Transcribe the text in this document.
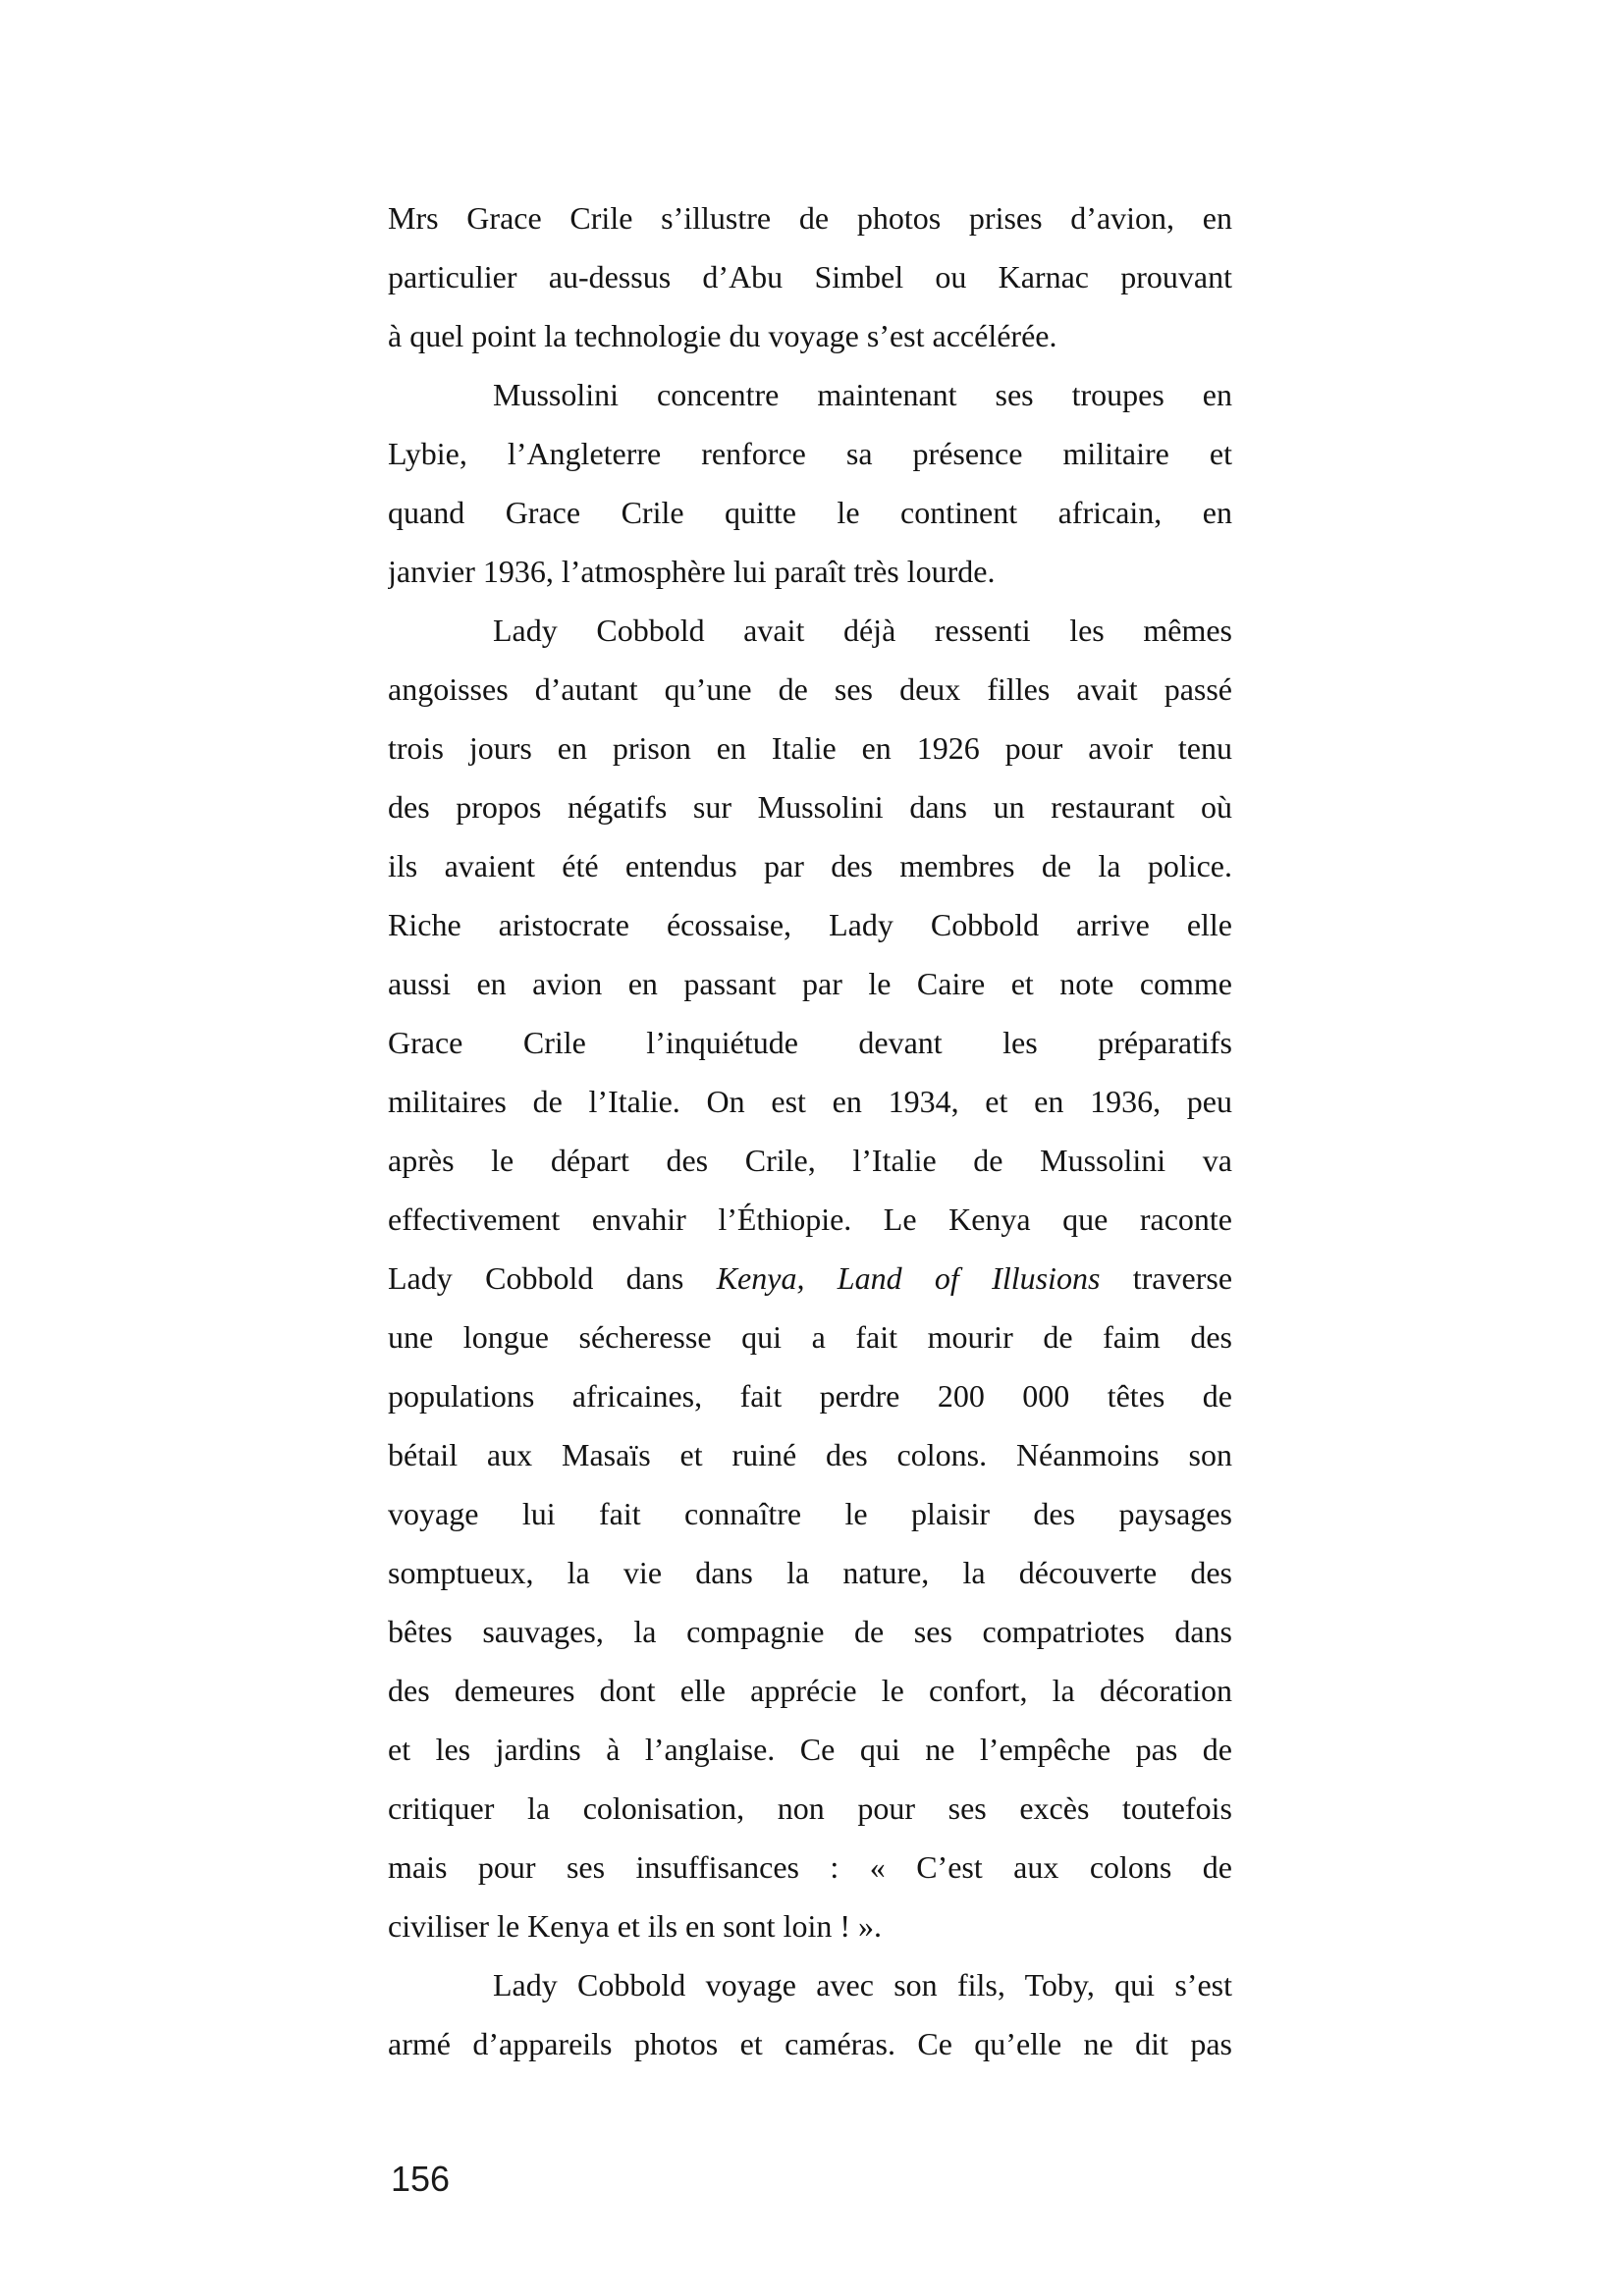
Mrs Grace Crile s’illustre de photos prises d’avion, en
particulier au-dessus d’Abu Simbel ou Karnac prouvant
à quel point la technologie du voyage s’est accélérée.
Mussolini concentre maintenant ses troupes en
Lybie, l’Angleterre renforce sa présence militaire et
quand Grace Crile quitte le continent africain, en
janvier 1936, l’atmosphère lui paraît très lourde.
Lady Cobbold avait déjà ressenti les mêmes
angoisses d’autant qu’une de ses deux filles avait passé
trois jours en prison en Italie en 1926 pour avoir tenu
des propos négatifs sur Mussolini dans un restaurant où
ils avaient été entendus par des membres de la police.
Riche aristocrate écossaise, Lady Cobbold arrive elle
aussi en avion en passant par le Caire et note comme
Grace Crile l’inquiétude devant les préparatifs
militaires de l’Italie. On est en 1934, et en 1936, peu
après le départ des Crile, l’Italie de Mussolini va
effectivement envahir l’Éthiopie. Le Kenya que raconte
Lady Cobbold dans Kenya, Land of Illusions traverse
une longue sécheresse qui a fait mourir de faim des
populations africaines, fait perdre 200 000 têtes de
bétail aux Masaïs et ruiné des colons. Néanmoins son
voyage lui fait connaître le plaisir des paysages
somptueux, la vie dans la nature, la découverte des
bêtes sauvages, la compagnie de ses compatriotes dans
des demeures dont elle apprécie le confort, la décoration
et les jardins à l’anglaise. Ce qui ne l’empêche pas de
critiquer la colonisation, non pour ses excès toutefois
mais pour ses insuffisances : « C’est aux colons de
civiliser le Kenya et ils en sont loin ! ».
Lady Cobbold voyage avec son fils, Toby, qui s’est
armé d’appareils photos et caméras. Ce qu’elle ne dit pas
156
